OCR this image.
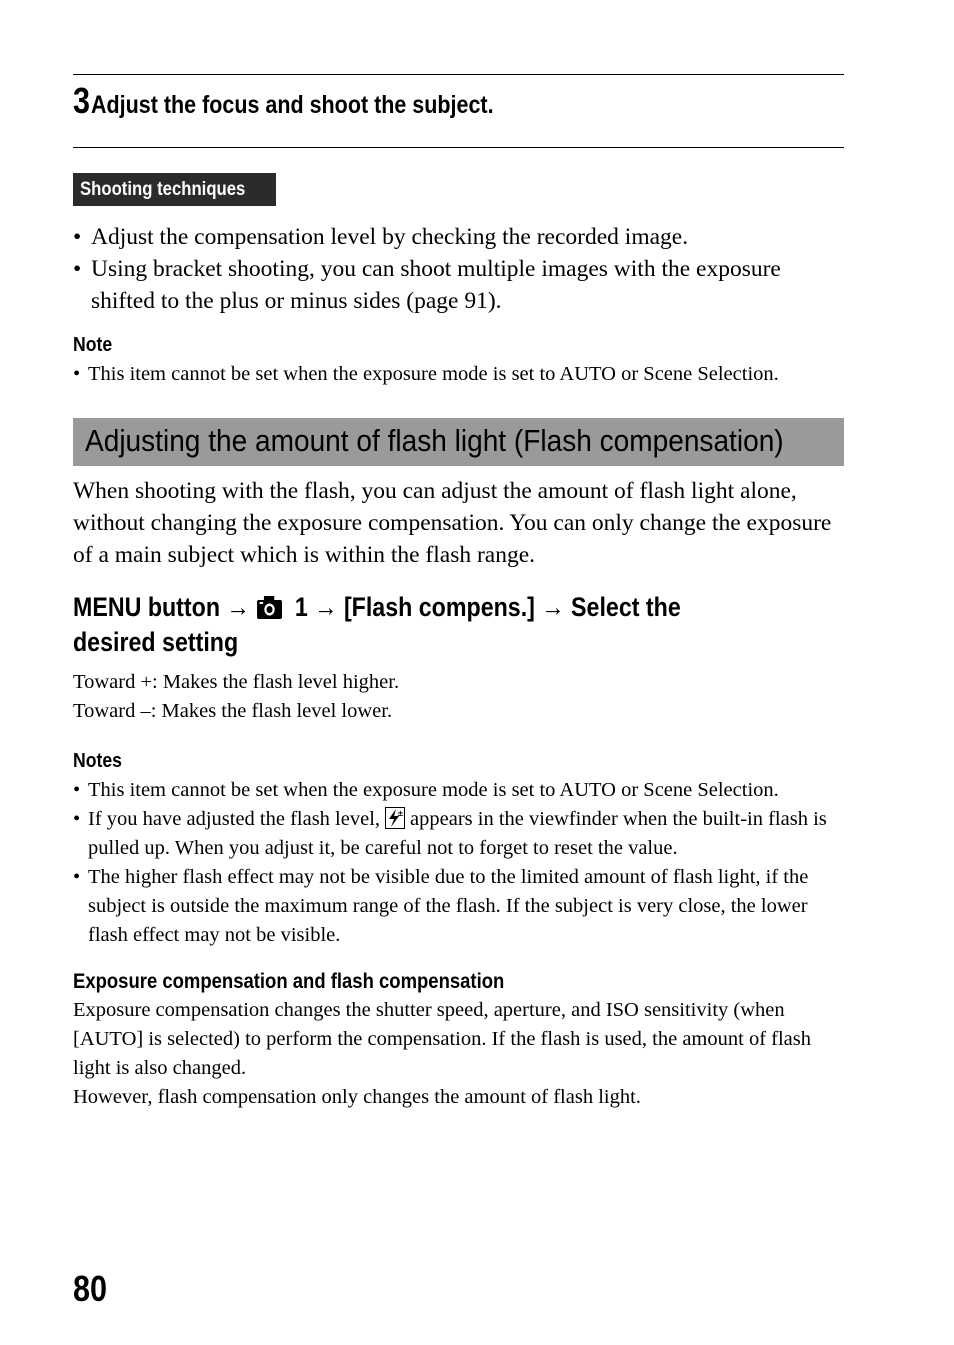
3 Adjust the focus and shoot the subject.
Shooting techniques
• Adjust the compensation level by checking the recorded image.
• Using bracket shooting, you can shoot multiple images with the exposure shifted to the plus or minus sides (page 91).
Note
• This item cannot be set when the exposure mode is set to AUTO or Scene Selection.
Adjusting the amount of flash light (Flash compensation)
When shooting with the flash, you can adjust the amount of flash light alone, without changing the exposure compensation. You can only change the exposure of a main subject which is within the flash range.
MENU button → 1 → [Flash compens.] → Select the
desired setting
Toward +: Makes the flash level higher.
Toward –: Makes the flash level lower.
Notes
• This item cannot be set when the exposure mode is set to AUTO or Scene Selection.
• If you have adjusted the flash level, ± appears in the viewfinder when the built-in flash is pulled up. When you adjust it, be careful not to forget to reset the value.
• The higher flash effect may not be visible due to the limited amount of flash light, if the subject is outside the maximum range of the flash. If the subject is very close, the lower flash effect may not be visible.
Exposure compensation and flash compensation
Exposure compensation changes the shutter speed, aperture, and ISO sensitivity (when [AUTO] is selected) to perform the compensation. If the flash is used, the amount of flash light is also changed.
However, flash compensation only changes the amount of flash light.
80
